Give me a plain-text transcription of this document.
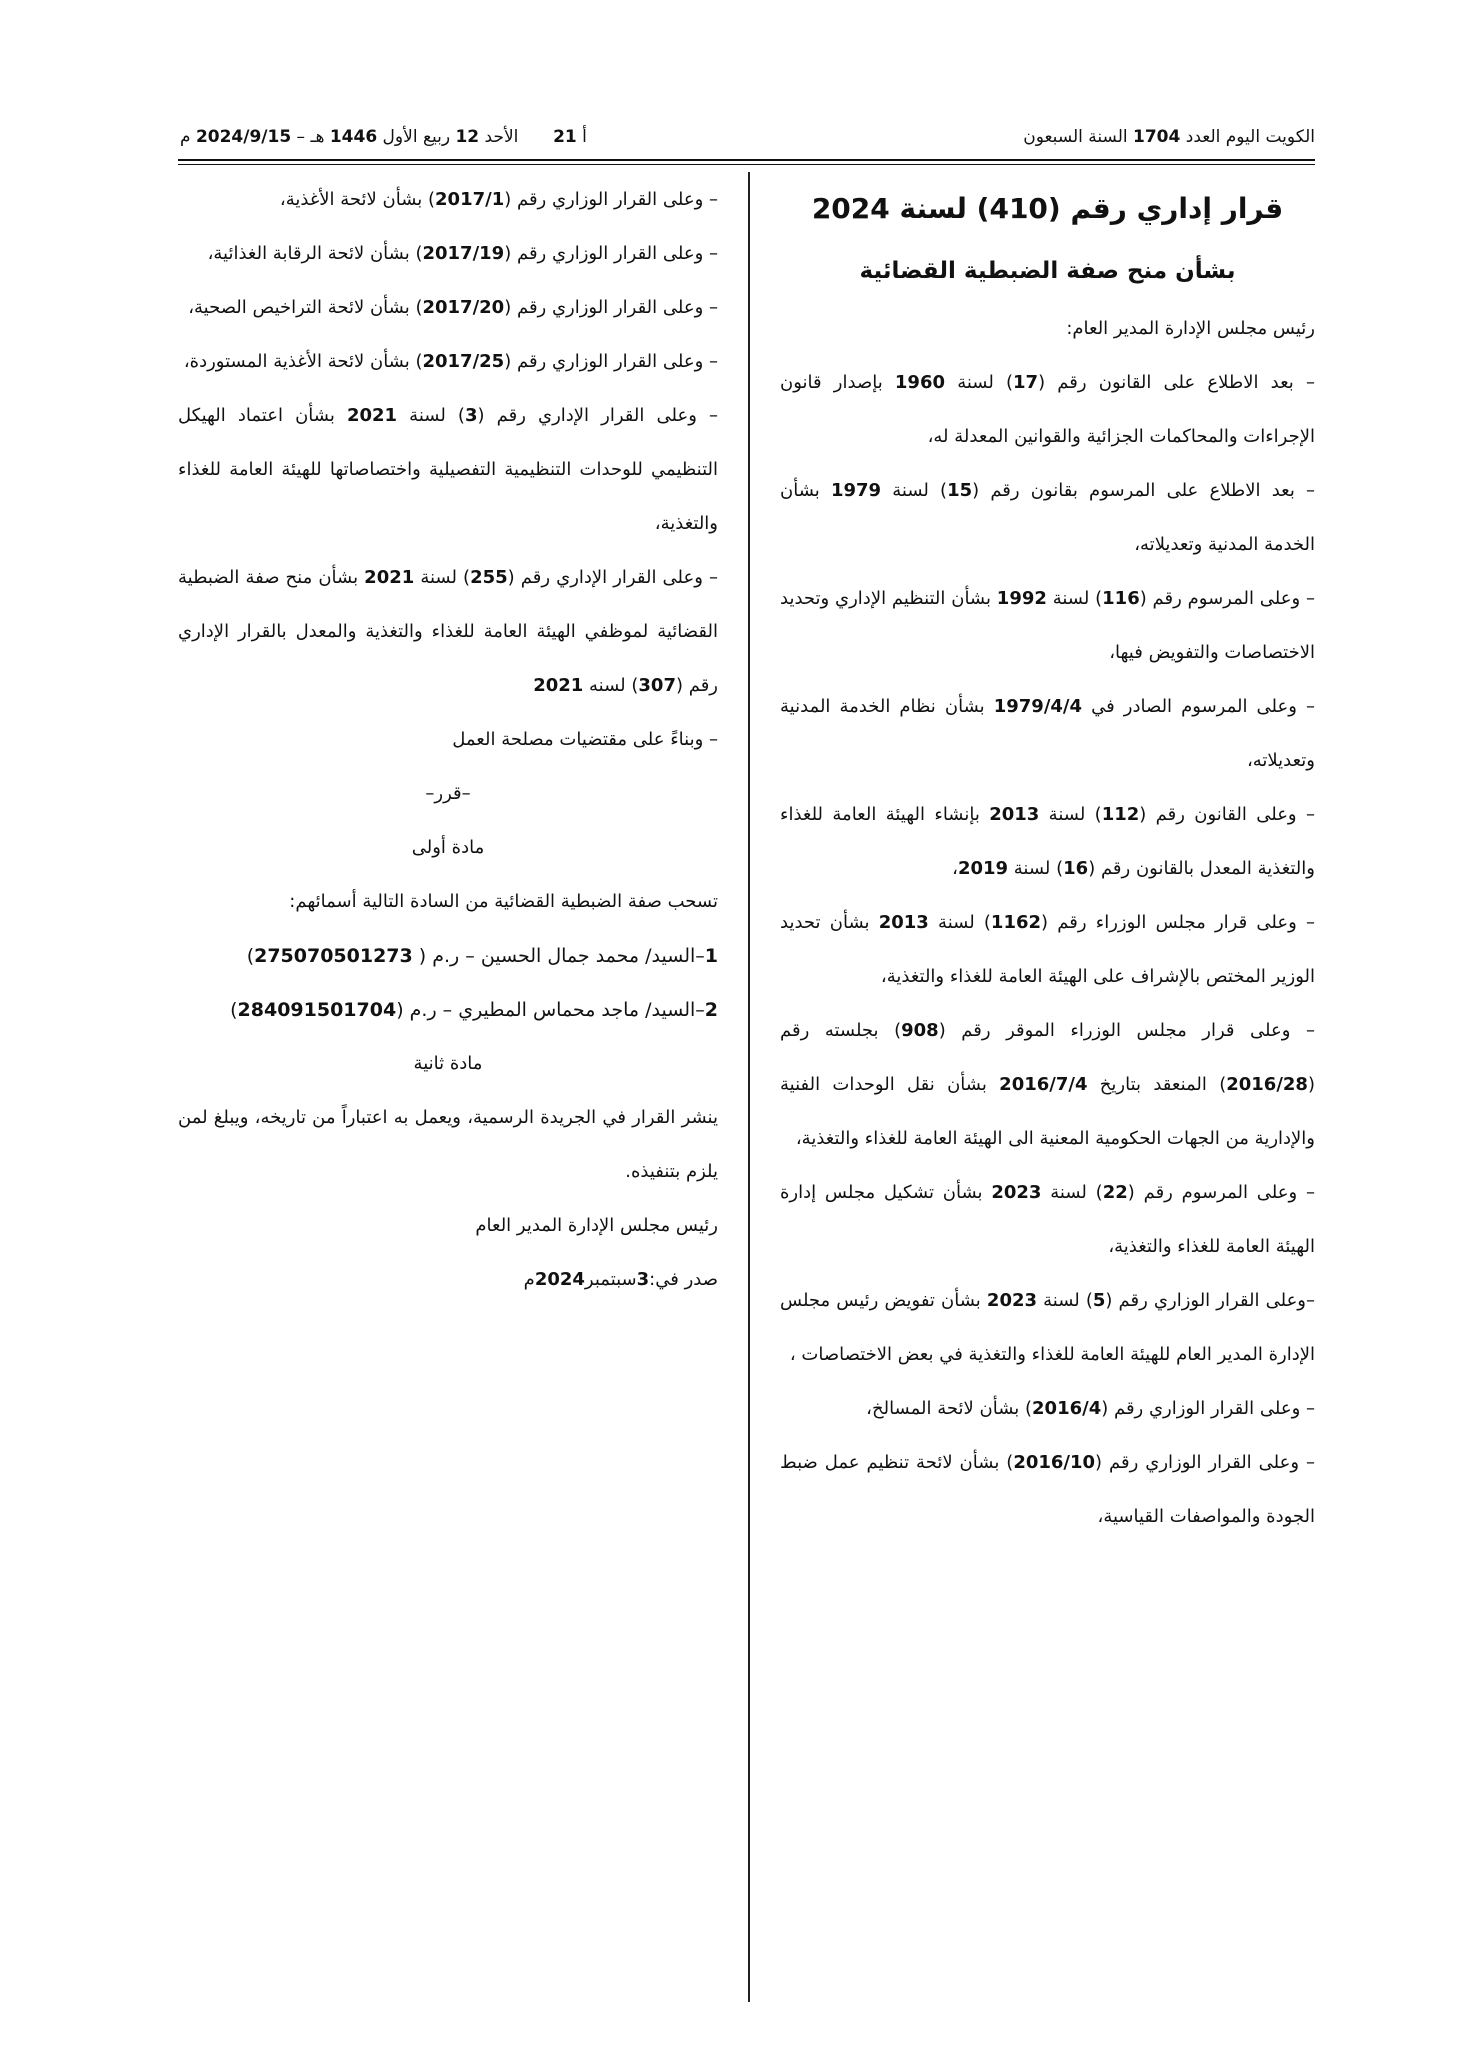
الكويت اليوم العدد 1704 السنة السبعون
أ 21
الأحد 12 ربيع الأول 1446 هـ – 2024/9/15 م
قرار إداري رقم (410) لسنة 2024
بشأن منح صفة الضبطية القضائية

رئيس مجلس الإدارة المدير العام:

– بعد الاطلاع على القانون رقم (17) لسنة 1960 بإصدار قانون الإجراءات والمحاكمات الجزائية والقوانين المعدلة له،

– بعد الاطلاع على المرسوم بقانون رقم (15) لسنة 1979 بشأن الخدمة المدنية وتعديلاته،

– وعلى المرسوم رقم (116) لسنة 1992 بشأن التنظيم الإداري وتحديد الاختصاصات والتفويض فيها،

– وعلى المرسوم الصادر في 1979/4/4 بشأن نظام الخدمة المدنية وتعديلاته،

– وعلى القانون رقم (112) لسنة 2013 بإنشاء الهيئة العامة للغذاء والتغذية المعدل بالقانون رقم (16) لسنة 2019،

– وعلى قرار مجلس الوزراء رقم (1162) لسنة 2013 بشأن تحديد الوزير المختص بالإشراف على الهيئة العامة للغذاء والتغذية،

– وعلى قرار مجلس الوزراء الموقر رقم (908) بجلسته رقم (2016/28) المنعقد بتاريخ 2016/7/4 بشأن نقل الوحدات الفنية والإدارية من الجهات الحكومية المعنية الى الهيئة العامة للغذاء والتغذية،

– وعلى المرسوم رقم (22) لسنة 2023 بشأن تشكيل مجلس إدارة الهيئة العامة للغذاء والتغذية،

–وعلى القرار الوزاري رقم (5) لسنة 2023 بشأن تفويض رئيس مجلس الإدارة المدير العام للهيئة العامة للغذاء والتغذية في بعض الاختصاصات ،

– وعلى القرار الوزاري رقم (2016/4) بشأن لائحة المسالخ،

– وعلى القرار الوزاري رقم (2016/10) بشأن لائحة تنظيم عمل ضبط الجودة والمواصفات القياسية،

– وعلى القرار الوزاري رقم (2017/1) بشأن لائحة الأغذية،

– وعلى القرار الوزاري رقم (2017/19) بشأن لائحة الرقابة الغذائية،

– وعلى القرار الوزاري رقم (2017/20) بشأن لائحة التراخيص الصحية،

– وعلى القرار الوزاري رقم (2017/25) بشأن لائحة الأغذية المستوردة،

– وعلى القرار الإداري رقم (3) لسنة 2021 بشأن اعتماد الهيكل التنظيمي للوحدات التنظيمية التفصيلية واختصاصاتها للهيئة العامة للغذاء والتغذية،

– وعلى القرار الإداري رقم (255) لسنة 2021 بشأن منح صفة الضبطية القضائية لموظفي الهيئة العامة للغذاء والتغذية والمعدل بالقرار الإداري رقم (307) لسنه 2021

– وبناءً على مقتضيات مصلحة العمل

–قرر–

مادة أولى

تسحب صفة الضبطية القضائية من السادة التالية أسمائهم:

1–السيد/ محمد جمال الحسين – ر.م ( 275070501273)

2–السيد/ ماجد محماس المطيري – ر.م (284091501704)

مادة ثانية

ينشر القرار في الجريدة الرسمية، ويعمل به اعتباراً من تاريخه، ويبلغ لمن يلزم بتنفيذه.

رئيس مجلس الإدارة المدير العام

صدر في:3سبتمبر2024م
